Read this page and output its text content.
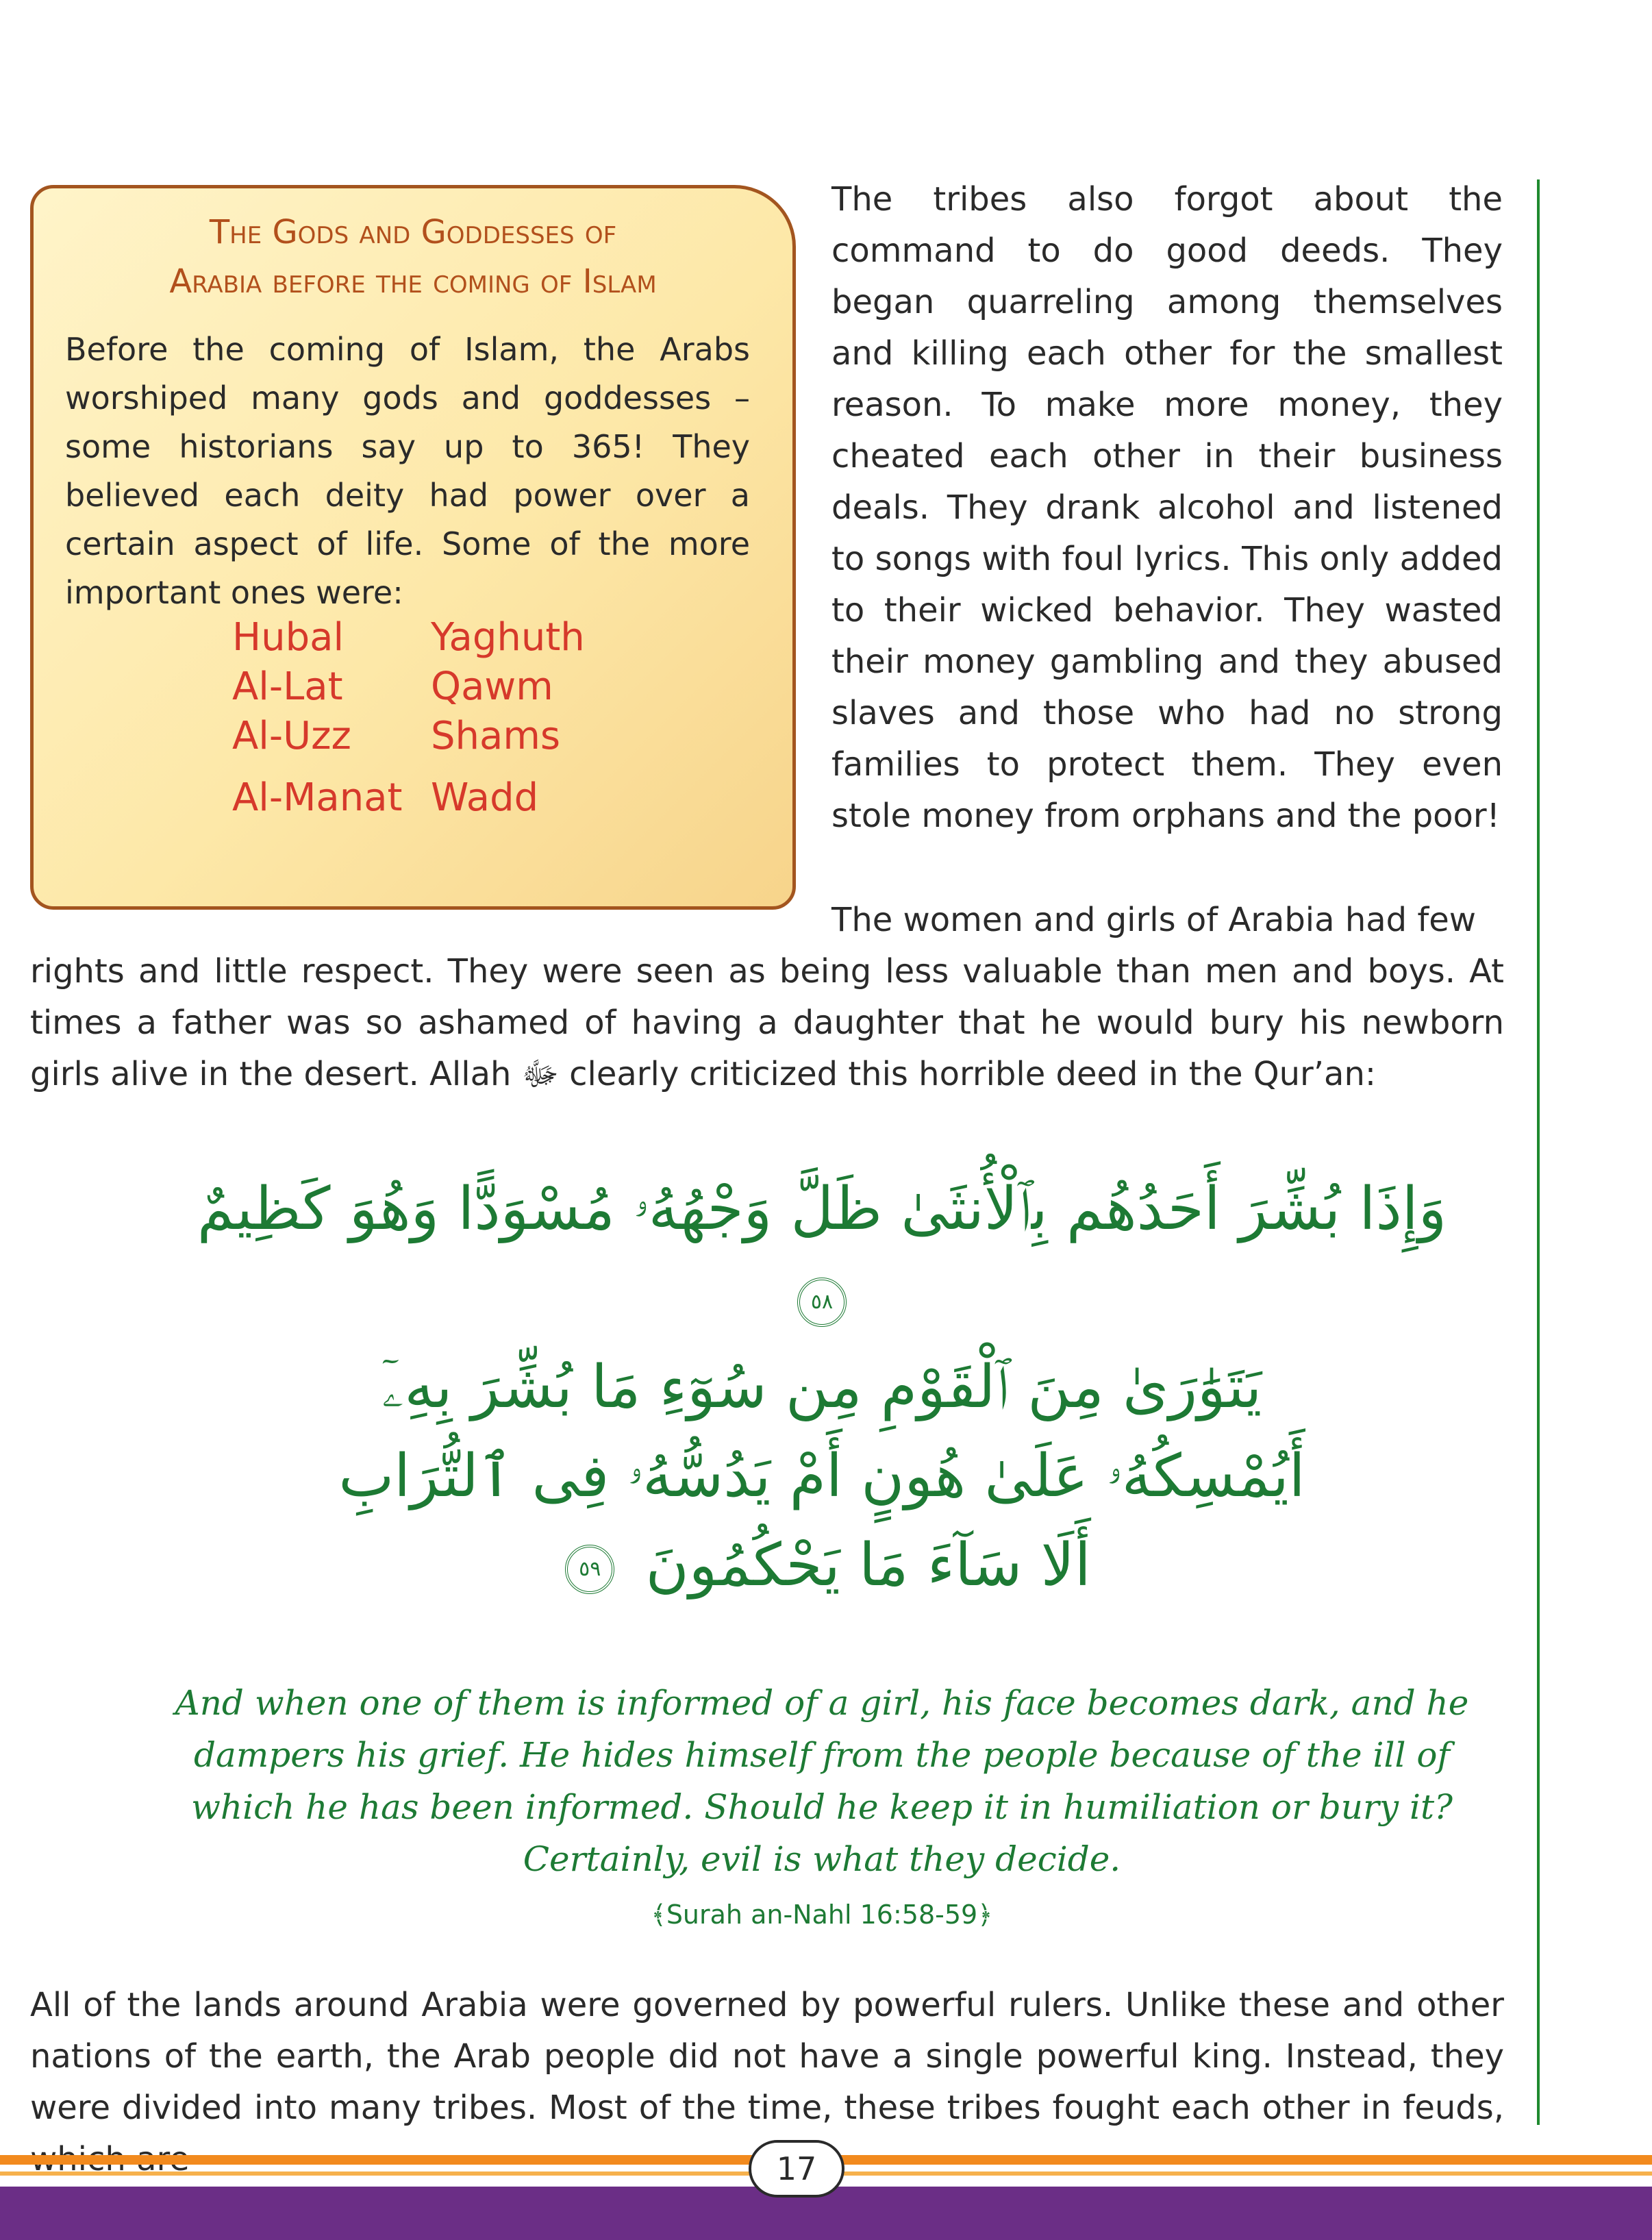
The Gods and Goddesses of
Arabia before the coming of Islam
Before the coming of Islam, the Arabs worshiped many gods and goddesses – some historians say up to 365! They believed each deity had power over a certain aspect of life. Some of the more important ones were:
Hubal	Yaghuth
Al-Lat	Qawm
Al-Uzz	Shams
Al-Manat Wadd
The tribes also forgot about the command to do good deeds. They began quarreling among themselves and killing each other for the smallest reason. To make more money, they cheated each other in their business deals. They drank alcohol and listened to songs with foul lyrics. This only added to their wicked behavior. They wasted their money gambling and they abused slaves and those who had no strong families to protect them. They even stole money from orphans and the poor!
The women and girls of Arabia had few
rights and little respect. They were seen as being less valuable than men and boys. At times a father was so ashamed of having a daughter that he would bury his newborn girls alive in the desert. Allah ﷻ clearly criticized this horrible deed in the Qur’an:
وَإِذَا بُشِّرَ أَحَدُهُم بِٱلْأُنثَىٰ ظَلَّ وَجْهُهُۥ مُسْوَدًّا وَهُوَ كَظِيمٌ ٥٨
يَتَوَٰرَىٰ مِنَ ٱلْقَوْمِ مِن سُوٓءِ مَا بُشِّرَ بِهِۦٓ
أَيُمْسِكُهُۥ عَلَىٰ هُونٍ أَمْ يَدُسُّهُۥ فِى ٱلتُّرَابِ
أَلَا سَآءَ مَا يَحْكُمُونَ ٥٩
And when one of them is informed of a girl, his face becomes dark, and he dampers his grief. He hides himself from the people because of the ill of which he has been informed. Should he keep it in humiliation or bury it? Certainly, evil is what they decide.
﴾Surah an-Nahl 16:58-59﴿
All of the lands around Arabia were governed by powerful rulers. Unlike these and other nations of the earth, the Arab people did not have a single powerful king. Instead, they were divided into many tribes. Most of the time, these tribes fought each other in feuds,
17
